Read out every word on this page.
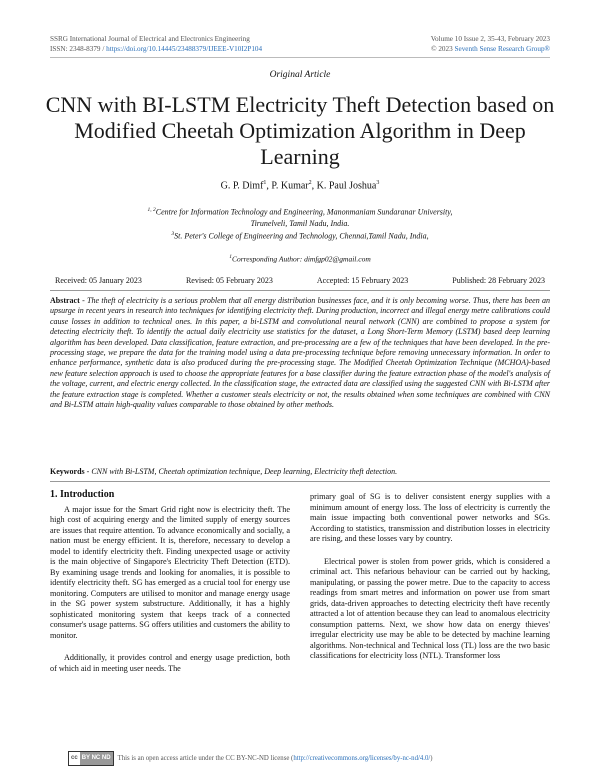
SSRG International Journal of Electrical and Electronics Engineering
ISSN: 2348-8379 / https://doi.org/10.14445/23488379/IJEEE-V10I2P104
Volume 10 Issue 2, 35-43, February 2023
© 2023 Seventh Sense Research Group®
Original Article
CNN with BI-LSTM Electricity Theft Detection based on Modified Cheetah Optimization Algorithm in Deep Learning
G. P. Dimf$^1$, P. Kumar$^2$, K. Paul Joshua$^3$
$^{1, 2}$Centre for Information Technology and Engineering, Manonmaniam Sundaranar University,
Tirunelveli, Tamil Nadu, India.
$^3$St. Peter's College of Engineering and Technology, Chennai,Tamil Nadu, India,
$^1$Corresponding Author: dimfgp02@gmail.com
Received: 05 January 2023	Revised: 05 February 2023	Accepted: 15 February 2023	Published: 28 February 2023
Abstract - The theft of electricity is a serious problem that all energy distribution businesses face, and it is only becoming worse. Thus, there has been an upsurge in recent years in research into techniques for identifying electricity theft. During production, incorrect and illegal energy metre calibrations could cause losses in addition to technical ones. In this paper, a bi-LSTM and convolutional neural network (CNN) are combined to propose a system for detecting electricity theft. To identify the actual daily electricity use statistics for the dataset, a Long Short-Term Memory (LSTM) based deep learning algorithm has been developed. Data classification, feature extraction, and pre-processing are a few of the techniques that have been developed. In the pre-processing stage, we prepare the data for the training model using a data pre-processing technique before removing unnecessary information. In order to enhance performance, synthetic data is also produced during the pre-processing stage. The Modified Cheetah Optimization Technique (MCHOA)-based new feature selection approach is used to choose the appropriate features for a base classifier during the feature extraction phase of the model's analysis of the voltage, current, and electric energy collected. In the classification stage, the extracted data are classified using the suggested CNN with Bi-LSTM after the feature extraction stage is completed. Whether a customer steals electricity or not, the results obtained when some techniques are combined with CNN and Bi-LSTM attain high-quality values comparable to those obtained by other methods.
Keywords - CNN with Bi-LSTM, Cheetah optimization technique, Deep learning, Electricity theft detection.
1. Introduction

A major issue for the Smart Grid right now is electricity theft. The high cost of acquiring energy and the limited supply of energy sources are issues that require attention. To advance economically and socially, a nation must be energy efficient. It is, therefore, necessary to develop a model to identify electricity theft. Finding unexpected usage or activity is the main objective of Singapore's Electricity Theft Detection (ETD). By examining usage trends and looking for anomalies, it is possible to identify electricity theft. SG has emerged as a crucial tool for energy use monitoring. Computers are utilised to monitor and manage energy usage in the SG power system substructure. Additionally, it has a highly sophisticated monitoring system that keeps track of a connected consumer's usage patterns. SG offers utilities and customers the ability to monitor.

Additionally, it provides control and energy usage prediction, both of which aid in meeting user needs. The

primary goal of SG is to deliver consistent energy supplies with a minimum amount of energy loss. The loss of electricity is currently the main issue impacting both conventional power networks and SGs. According to statistics, transmission and distribution losses in electricity are rising, and these losses vary by country.

Electrical power is stolen from power grids, which is considered a criminal act. This nefarious behaviour can be carried out by hacking, manipulating, or passing the power metre. Due to the capacity to access readings from smart metres and information on power use from smart grids, data-driven approaches to detecting electricity theft have recently attracted a lot of attention because they can lead to anomalous electricity consumption patterns. Next, we show how data on energy thieves' irregular electricity use may be able to be detected by machine learning algorithms. Non-technical and Technical loss (TL) loss are the two basic classifications for electricity loss (NTL). Transformer loss

cc BY NC ND This is an open access article under the CC BY-NC-ND license ( http://creativecommons.org/licenses/by-nc-nd/4.0/ )
